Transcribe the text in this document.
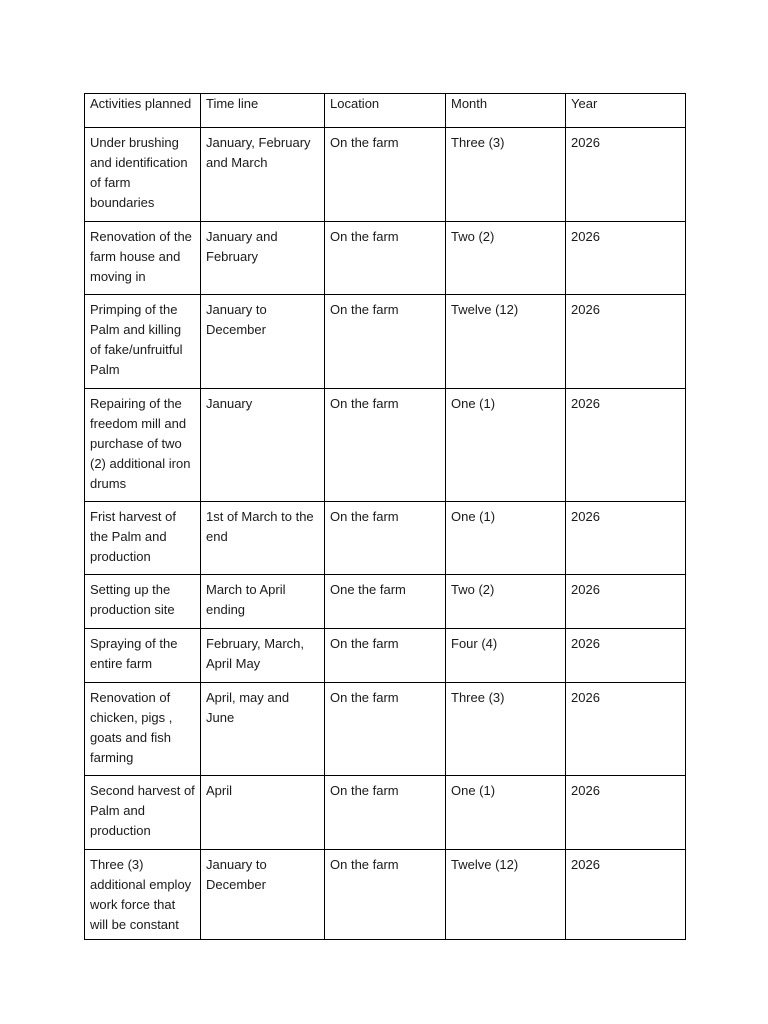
Activities planned	Time line	Location	Month	Year
Under brushing and identification of farm boundaries	January, February and March	On the farm	Three (3)	2026
Renovation of the farm house and moving in	January and February	On the farm	Two (2)	2026
Primping of the Palm and killing of fake/unfruitful Palm	January to December	On the farm	Twelve (12)	2026
Repairing of the freedom mill and purchase of two (2) additional iron drums	January	On the farm	One (1)	2026
Frist harvest of the Palm and production	1st of March to the end	On the farm	One (1)	2026
Setting up the production site	March to April ending	One the farm	Two (2)	2026
Spraying of the entire farm	February, March, April May	On the farm	Four (4)	2026
Renovation of chicken, pigs , goats and fish farming	April, may and June	On the farm	Three (3)	2026
Second harvest of Palm and production	April	On the farm	One (1)	2026
Three (3) additional employ work force that will be constant	January to December	On the farm	Twelve (12)	2026
